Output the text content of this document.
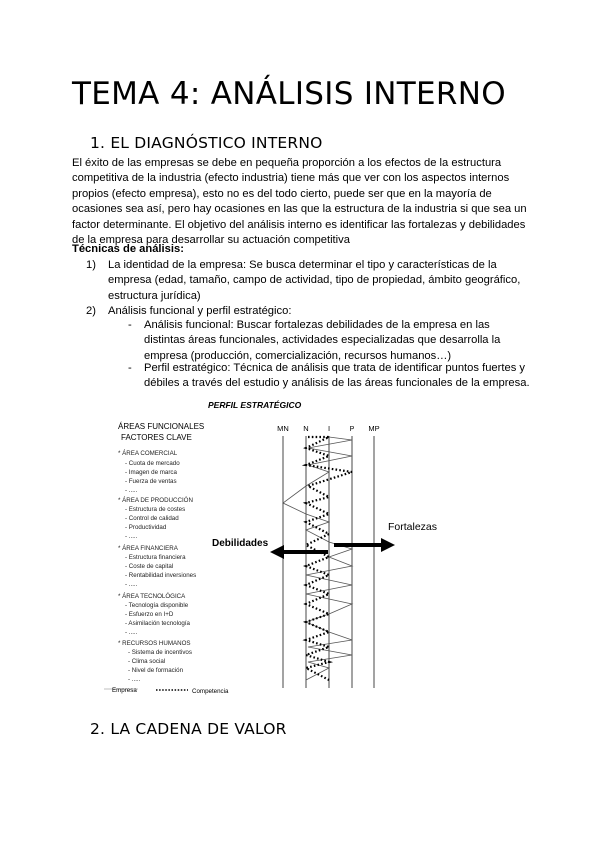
TEMA 4: ANÁLISIS INTERNO
1. EL DIAGNÓSTICO INTERNO

El éxito de las empresas se debe en pequeña proporción a los efectos de la estructura competitiva de la industria (efecto industria) tiene más que ver con los aspectos internos propios (efecto empresa), esto no es del todo cierto, puede ser que en la mayoría de ocasiones sea así, pero hay ocasiones en las que la estructura de la industria si que sea un factor determinante. El objetivo del análisis interno es identificar las fortalezas y debilidades de la empresa para desarrollar su actuación competitiva

Técnicas de análisis:

1) La identidad de la empresa: Se busca determinar el tipo y características de la empresa (edad, tamaño, campo de actividad, tipo de propiedad, ámbito geográfico, estructura jurídica)
2) Análisis funcional y perfil estratégico:
- Análisis funcional: Buscar fortalezas debilidades de la empresa en las distintas áreas funcionales, actividades especializadas que desarrolla la empresa (producción, comercialización, recursos humanos…)
- Perfil estratégico: Técnica de análisis que trata de identificar puntos fuertes y débiles a través del estudio y análisis de las áreas funcionales de la empresa.
PERFIL ESTRATÉGICO
ÁREAS FUNCIONALES
FACTORES CLAVE
MN N	I	P MP
Debilidades
Fortalezas
* ÁREA COMERCIAL
- Cuota de mercado
- Imagen de marca
- Fuerza de ventas
- .....
* ÁREA DE PRODUCCIÓN
- Estructura de costes
- Control de calidad
- Productividad
- .....
* ÁREA FINANCIERA
- Estructura financiera
- Coste de capital
- Rentabilidad inversiones
- .....
* ÁREA TECNOLÓGICA
- Tecnología disponible
- Esfuerzo en I+D
- Asimilación tecnología
- .....
* RECURSOS HUMANOS
- Sistema de incentivos
- Clima social
- Nivel de formación
- .....
Empresa	Competencia
2. LA CADENA DE VALOR
